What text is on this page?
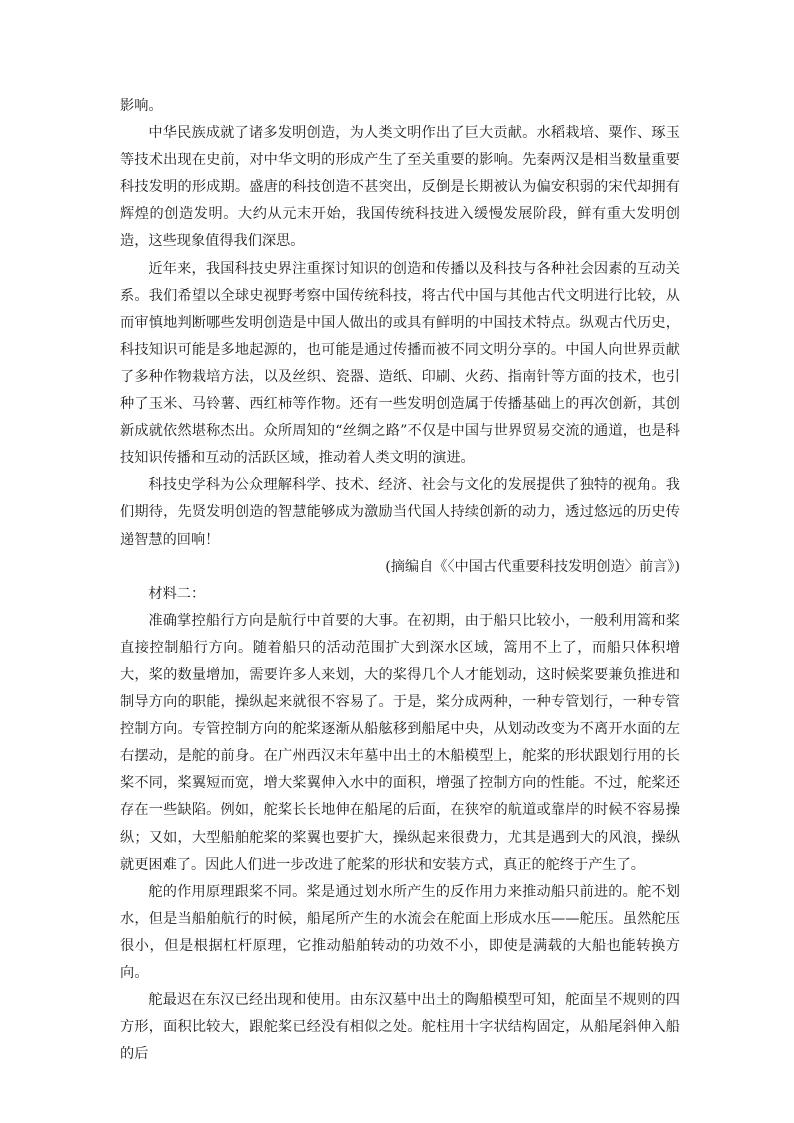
影响。

中华民族成就了诸多发明创造，为人类文明作出了巨大贡献。水稻栽培、粟作、琢玉等技术出现在史前，对中华文明的形成产生了至关重要的影响。先秦两汉是相当数量重要科技发明的形成期。盛唐的科技创造不甚突出，反倒是长期被认为偏安积弱的宋代却拥有辉煌的创造发明。大约从元末开始，我国传统科技进入缓慢发展阶段，鲜有重大发明创造，这些现象值得我们深思。

近年来，我国科技史界注重探讨知识的创造和传播以及科技与各种社会因素的互动关系。我们希望以全球史视野考察中国传统科技，将古代中国与其他古代文明进行比较，从而审慎地判断哪些发明创造是中国人做出的或具有鲜明的中国技术特点。纵观古代历史，科技知识可能是多地起源的，也可能是通过传播而被不同文明分享的。中国人向世界贡献了多种作物栽培方法，以及丝织、瓷器、造纸、印刷、火药、指南针等方面的技术，也引种了玉米、马铃薯、西红柿等作物。还有一些发明创造属于传播基础上的再次创新，其创新成就依然堪称杰出。众所周知的“丝绸之路”不仅是中国与世界贸易交流的通道，也是科技知识传播和互动的活跃区域，推动着人类文明的演进。

科技史学科为公众理解科学、技术、经济、社会与文化的发展提供了独特的视角。我们期待，先贤发明创造的智慧能够成为激励当代国人持续创新的动力，透过悠远的历史传递智慧的回响！

(摘编自《〈中国古代重要科技发明创造〉前言》)

材料二：

准确掌控船行方向是航行中首要的大事。在初期，由于船只比较小，一般利用篙和桨直接控制船行方向。随着船只的活动范围扩大到深水区域，篙用不上了，而船只体积增大，桨的数量增加，需要许多人来划，大的桨得几个人才能划动，这时候桨要兼负推进和制导方向的职能，操纵起来就很不容易了。于是，桨分成两种，一种专管划行，一种专管控制方向。专管控制方向的舵桨逐渐从船舷移到船尾中央，从划动改变为不离开水面的左右摆动，是舵的前身。在广州西汉末年墓中出土的木船模型上，舵桨的形状跟划行用的长桨不同，桨翼短而宽，增大桨翼伸入水中的面积，增强了控制方向的性能。不过，舵桨还存在一些缺陷。例如，舵桨长长地伸在船尾的后面，在狭窄的航道或靠岸的时候不容易操纵；又如，大型船舶舵桨的桨翼也要扩大，操纵起来很费力，尤其是遇到大的风浪，操纵就更困难了。因此人们进一步改进了舵桨的形状和安装方式，真正的舵终于产生了。

舵的作用原理跟桨不同。桨是通过划水所产生的反作用力来推动船只前进的。舵不划水，但是当船舶航行的时候，船尾所产生的水流会在舵面上形成水压——舵压。虽然舵压很小，但是根据杠杆原理，它推动船舶转动的功效不小，即使是满载的大船也能转换方向。

舵最迟在东汉已经出现和使用。由东汉墓中出土的陶船模型可知，舵面呈不规则的四方形，面积比较大，跟舵桨已经没有相似之处。舵柱用十字状结构固定，从船尾斜伸入船的后
